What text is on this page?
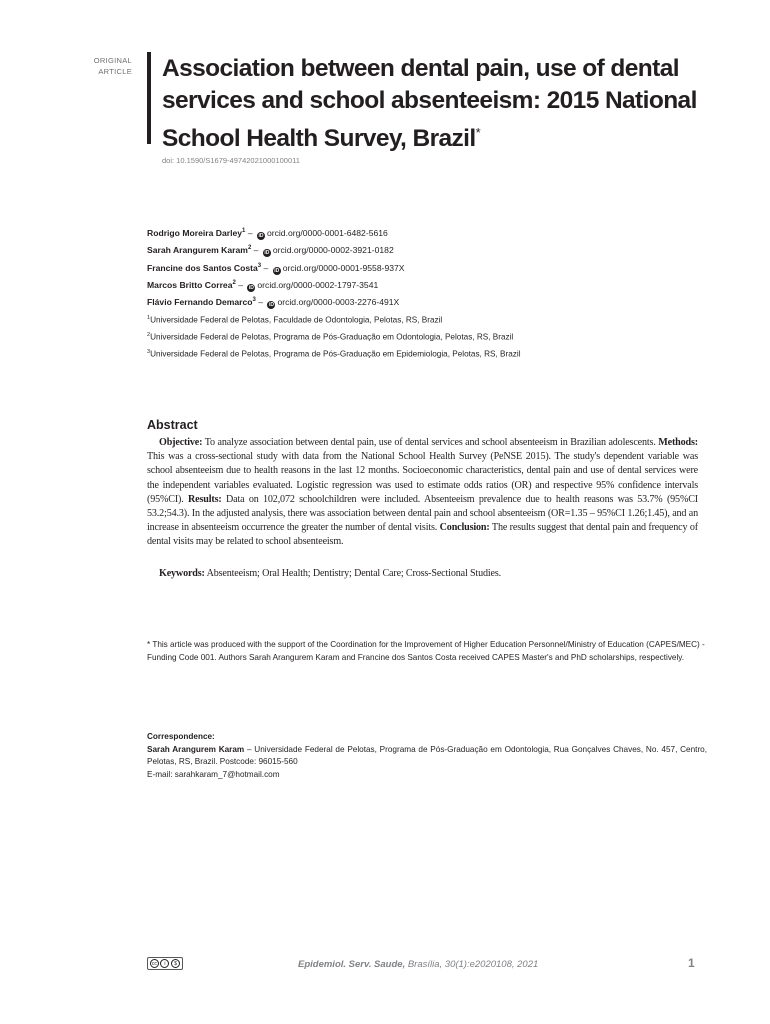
ORIGINAL
ARTICLE Association between dental pain, use of dental services and school absenteeism: 2015 National School Health Survey, Brazil*
doi: 10.1590/S1679-49742021000100011
Rodrigo Moreira Darley$^1$ – iD orcid.org/0000-0001-6482-5616
Sarah Arangurem Karam$^2$ – iD orcid.org/0000-0002-3921-0182
Francine dos Santos Costa$^3$ – iD orcid.org/0000-0001-9558-937X
Marcos Britto Correa$^2$ – iD orcid.org/0000-0002-1797-3541
Flávio Fernando Demarco$^3$ – iD orcid.org/0000-0003-2276-491X
$^1$Universidade Federal de Pelotas, Faculdade de Odontologia, Pelotas, RS, Brazil
$^2$Universidade Federal de Pelotas, Programa de Pós-Graduação em Odontologia, Pelotas, RS, Brazil
$^3$Universidade Federal de Pelotas, Programa de Pós-Graduação em Epidemiologia, Pelotas, RS, Brazil
Abstract

Objective: To analyze association between dental pain, use of dental services and school absenteeism in Brazilian adolescents. Methods: This was a cross-sectional study with data from the National School Health Survey (PeNSE 2015). The study's dependent variable was school absenteeism due to health reasons in the last 12 months. Socioeconomic characteristics, dental pain and use of dental services were the independent variables evaluated. Logistic regression was used to estimate odds ratios (OR) and respective 95% confidence intervals (95%CI). Results: Data on 102,072 schoolchildren were included. Absenteeism prevalence due to health reasons was 53.7% (95%CI 53.2;54.3). In the adjusted analysis, there was association between dental pain and school absenteeism (OR=1.35 – 95%CI 1.26;1.45), and an increase in absenteeism occurrence the greater the number of dental visits. Conclusion: The results suggest that dental pain and frequency of dental visits may be related to school absenteeism.

Keywords: Absenteeism; Oral Health; Dentistry; Dental Care; Cross-Sectional Studies.

* This article was produced with the support of the Coordination for the Improvement of Higher Education Personnel/Ministry of Education (CAPES/MEC) - Funding Code 001. Authors Sarah Arangurem Karam and Francine dos Santos Costa received CAPES Master's and PhD scholarships, respectively.

Correspondence:
Sarah Arangurem Karam – Universidade Federal de Pelotas, Programa de Pós-Graduação em Odontologia, Rua Gonçalves Chaves, No. 457, Centro, Pelotas, RS, Brazil. Postcode: 96015-560
E-mail: sarahkaram_7@hotmail.com
cc	i	$	Epidemiol. Serv. Saude, Brasília, 30(1):e2020108, 2021	1
